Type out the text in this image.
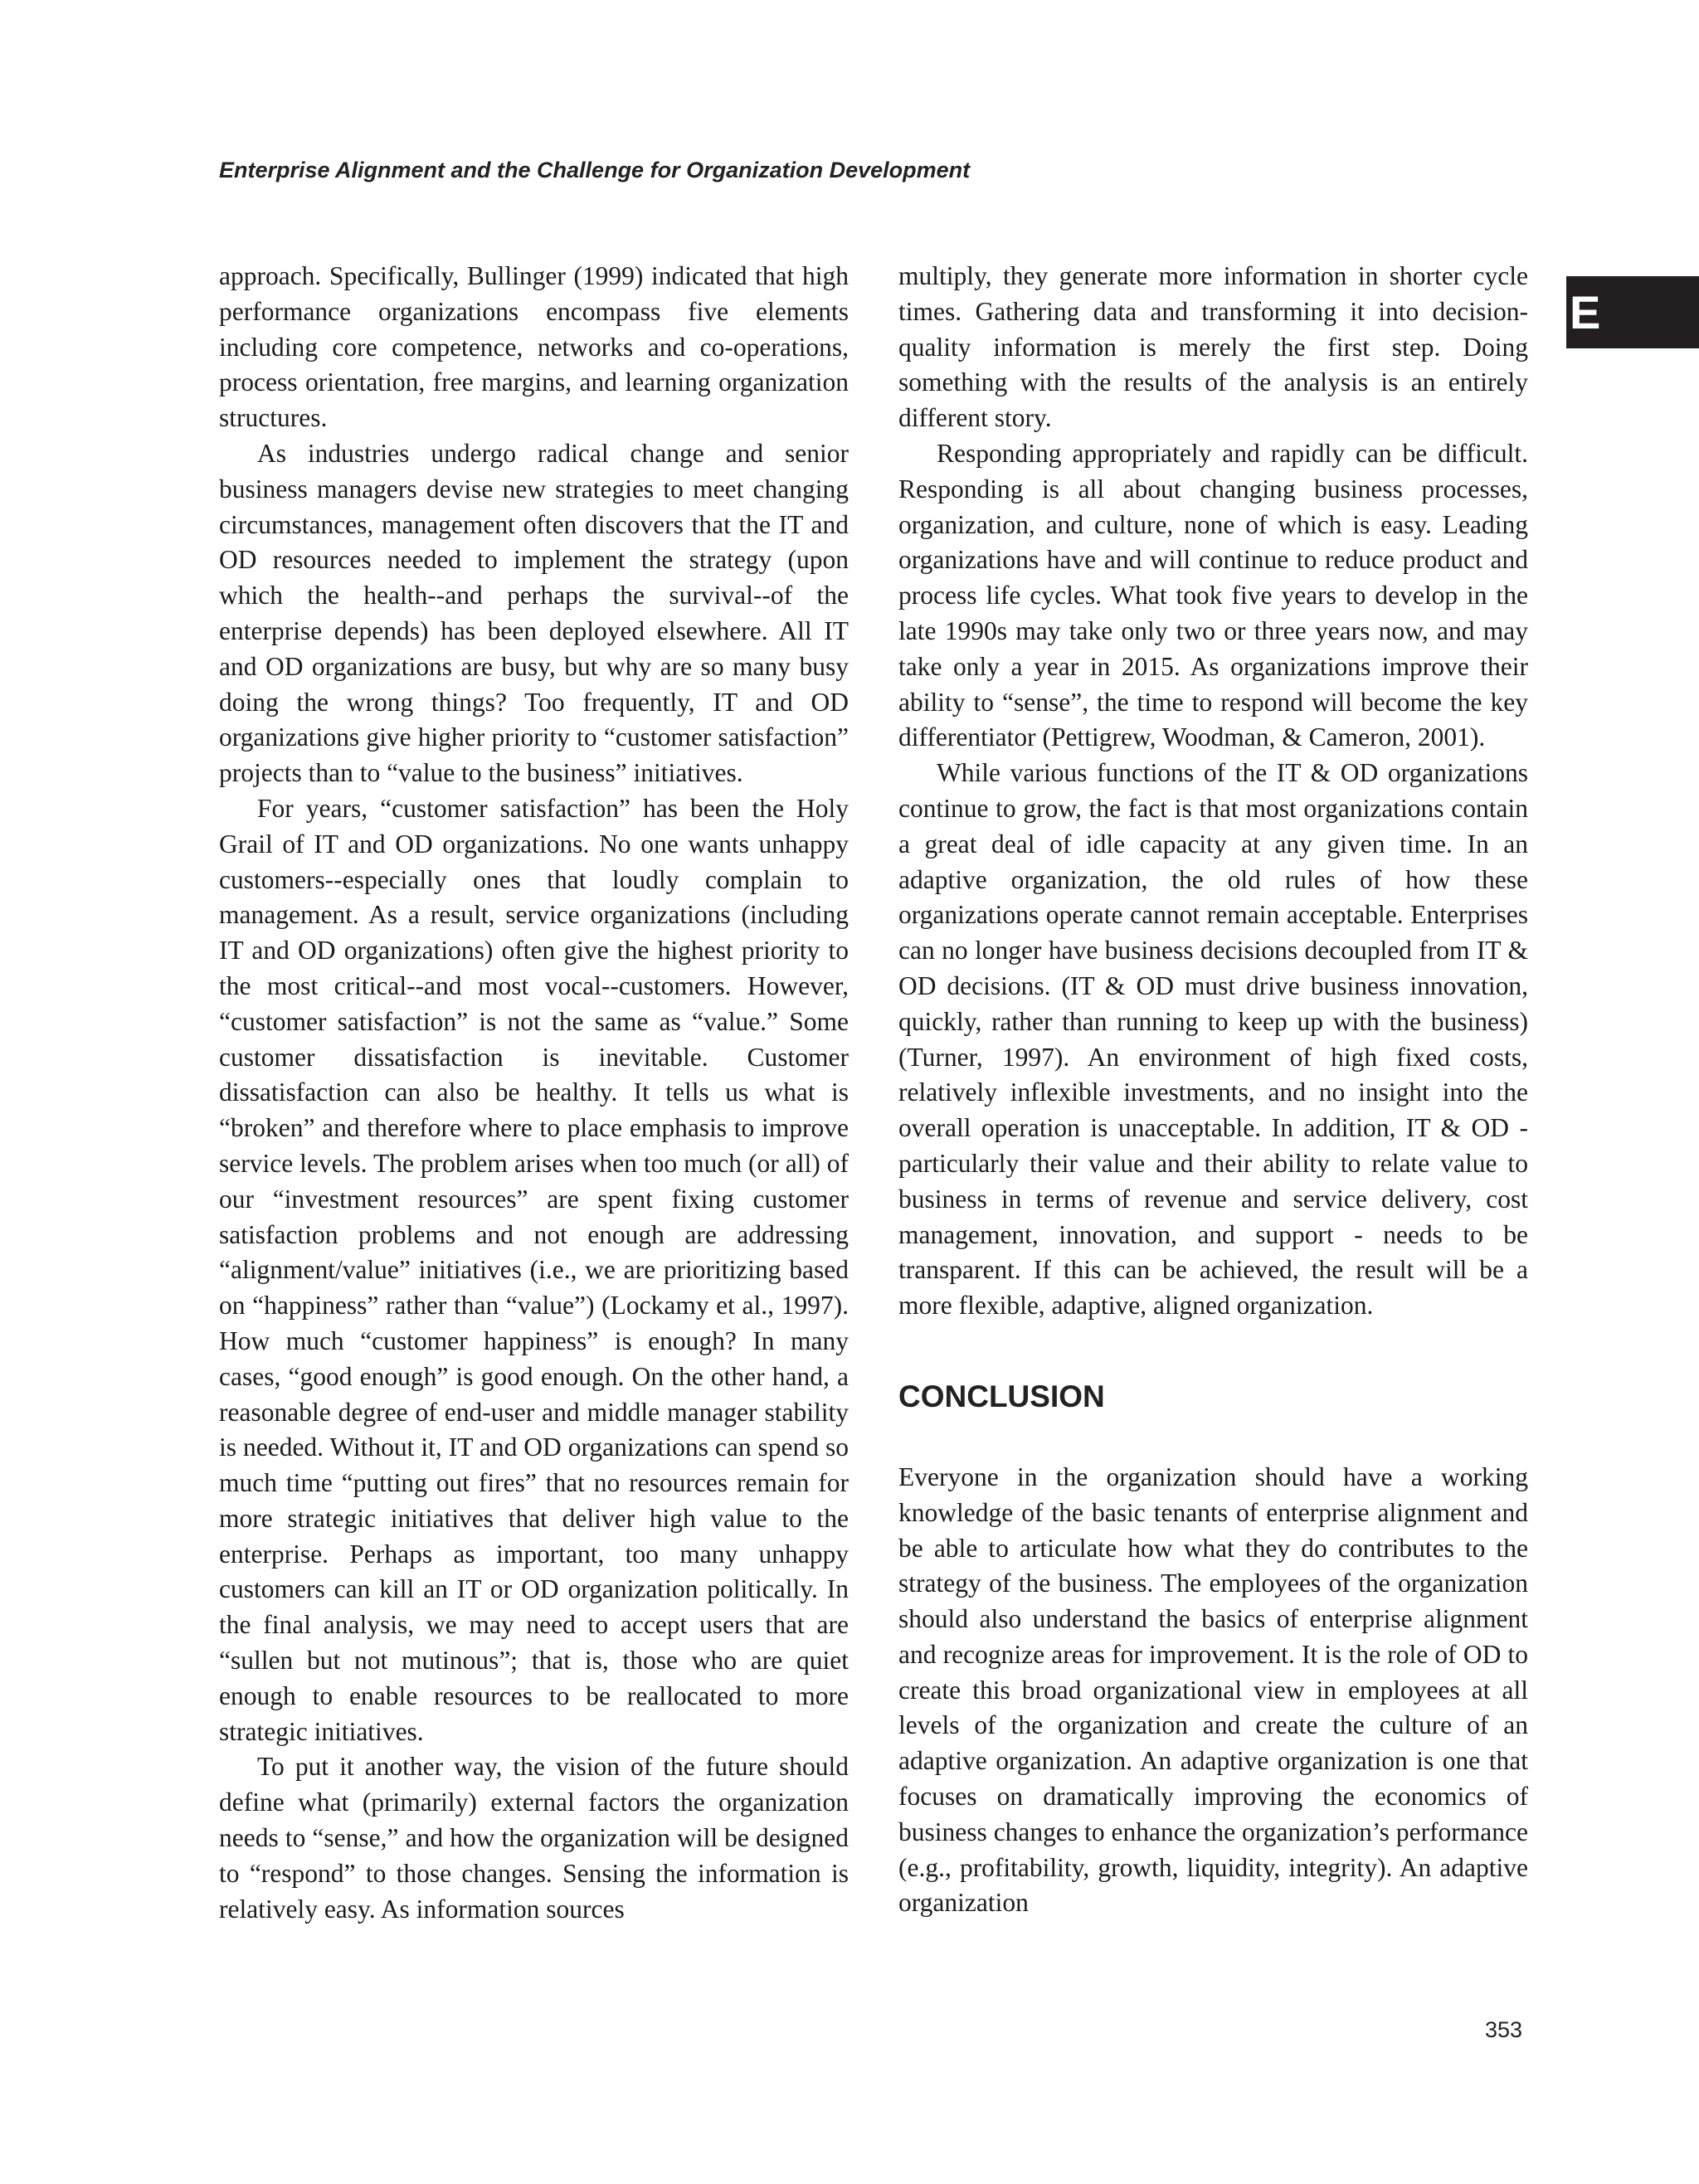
Enterprise Alignment and the Challenge for Organization Development
E

approach. Specifically, Bullinger (1999) indicated that high performance organizations encompass five elements including core competence, networks and co-operations, process orientation, free margins, and learning organization structures.

As industries undergo radical change and senior business managers devise new strategies to meet changing circumstances, management often discovers that the IT and OD resources needed to implement the strategy (upon which the health--and perhaps the survival--of the enterprise depends) has been deployed elsewhere. All IT and OD organizations are busy, but why are so many busy doing the wrong things? Too frequently, IT and OD organizations give higher priority to “customer satisfaction” projects than to “value to the business” initiatives.

For years, “customer satisfaction” has been the Holy Grail of IT and OD organizations. No one wants unhappy customers--especially ones that loudly complain to management. As a result, service organizations (including IT and OD organizations) often give the highest priority to the most critical--and most vocal--customers. However, “customer satisfaction” is not the same as “value.” Some customer dissatisfaction is inevitable. Customer dissatisfaction can also be healthy. It tells us what is “broken” and therefore where to place emphasis to improve service levels. The problem arises when too much (or all) of our “investment resources” are spent fixing customer satisfaction problems and not enough are addressing “alignment/value” initiatives (i.e., we are prioritizing based on “happiness” rather than “value”) (Lockamy et al., 1997). How much “customer happiness” is enough? In many cases, “good enough” is good enough. On the other hand, a reasonable degree of end-user and middle manager stability is needed. Without it, IT and OD organizations can spend so much time “putting out fires” that no resources remain for more strategic initiatives that deliver high value to the enterprise. Perhaps as important, too many unhappy customers can kill an IT or OD organization politically. In the final analysis, we may need to accept users that are “sullen but not mutinous”; that is, those who are quiet enough to enable resources to be reallocated to more strategic initiatives.

To put it another way, the vision of the future should define what (primarily) external factors the organization needs to “sense,” and how the organization will be designed to “respond” to those changes. Sensing the information is relatively easy. As information sources

multiply, they generate more information in shorter cycle times. Gathering data and transforming it into decision-quality information is merely the first step. Doing something with the results of the analysis is an entirely different story.

Responding appropriately and rapidly can be difficult. Responding is all about changing business processes, organization, and culture, none of which is easy. Leading organizations have and will continue to reduce product and process life cycles. What took five years to develop in the late 1990s may take only two or three years now, and may take only a year in 2015. As organizations improve their ability to “sense”, the time to respond will become the key differentiator (Pettigrew, Woodman, & Cameron, 2001).

While various functions of the IT & OD organizations continue to grow, the fact is that most organizations contain a great deal of idle capacity at any given time. In an adaptive organization, the old rules of how these organizations operate cannot remain acceptable. Enterprises can no longer have business decisions decoupled from IT & OD decisions. (IT & OD must drive business innovation, quickly, rather than running to keep up with the business) (Turner, 1997). An environment of high fixed costs, relatively inflexible investments, and no insight into the overall operation is unacceptable. In addition, IT & OD - particularly their value and their ability to relate value to business in terms of revenue and service delivery, cost management, innovation, and support - needs to be transparent. If this can be achieved, the result will be a more flexible, adaptive, aligned organization.

CONCLUSION

Everyone in the organization should have a working knowledge of the basic tenants of enterprise alignment and be able to articulate how what they do contributes to the strategy of the business. The employees of the organization should also understand the basics of enterprise alignment and recognize areas for improvement. It is the role of OD to create this broad organizational view in employees at all levels of the organization and create the culture of an adaptive organization. An adaptive organization is one that focuses on dramatically improving the economics of business changes to enhance the organization’s performance (e.g., profitability, growth, liquidity, integrity). An adaptive organization

353
